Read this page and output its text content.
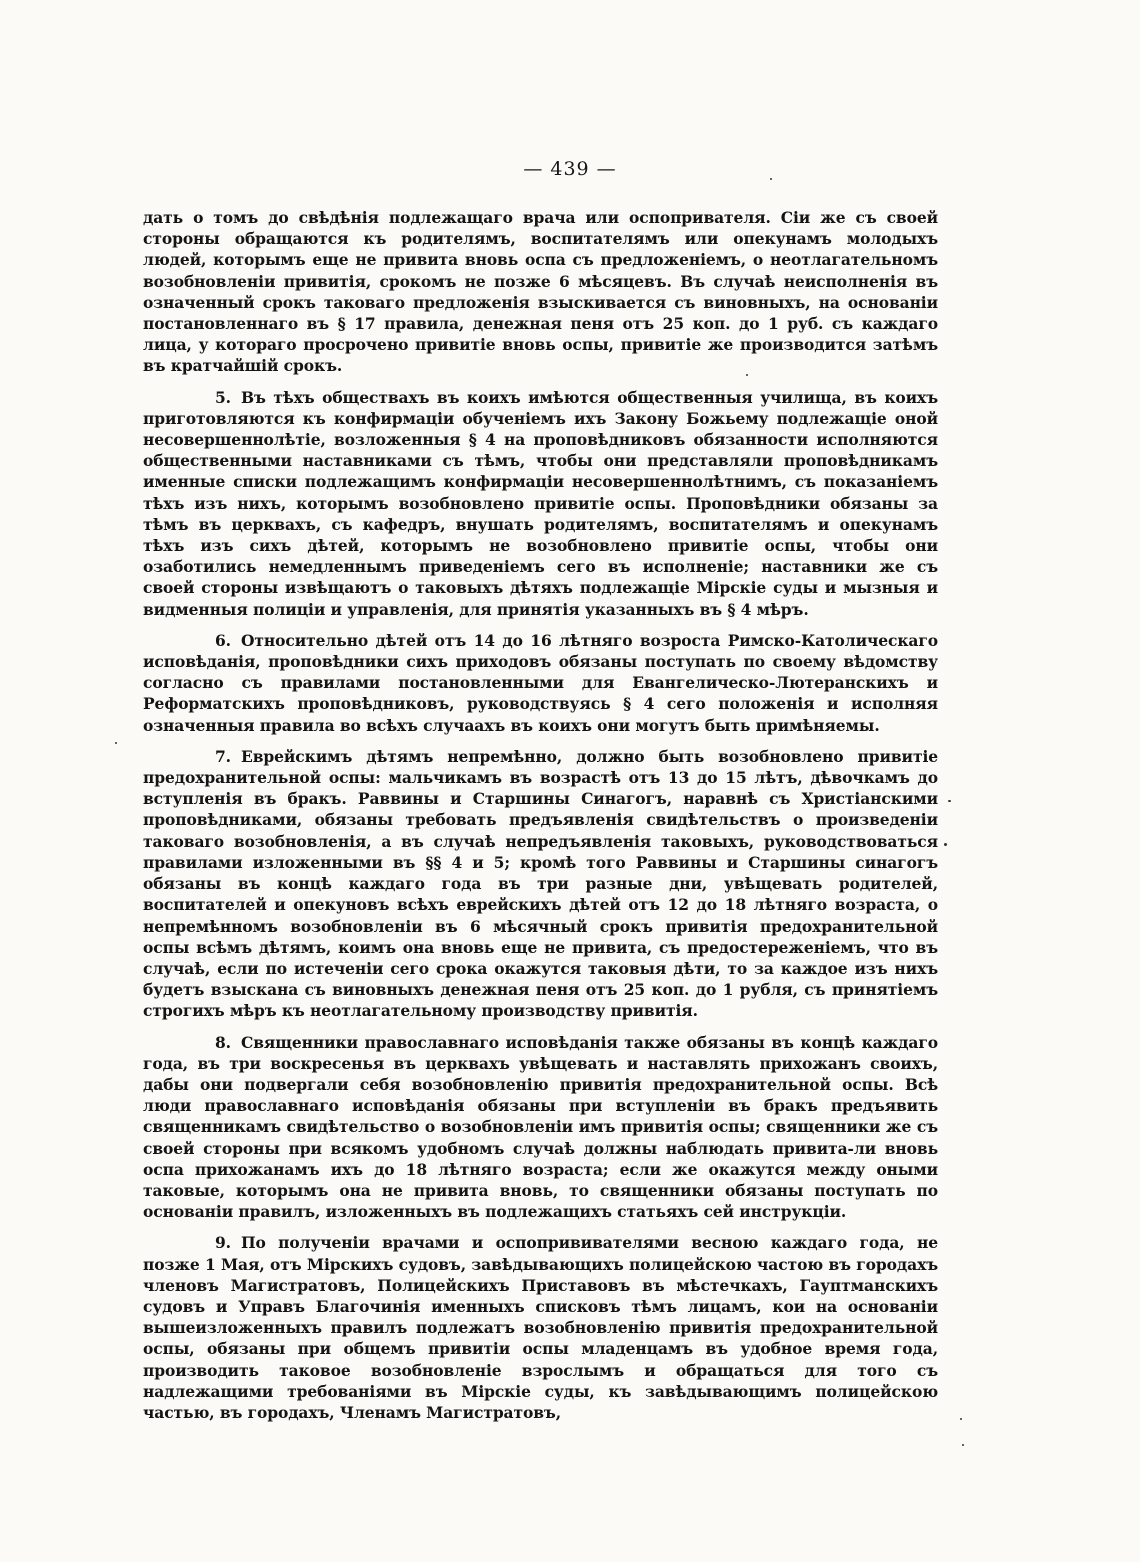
— 439 —

дать о томъ до свѣдѣнія подлежащаго врача или оспопривателя. Сіи же съ своей стороны обращаются къ родителямъ, воспитателямъ или опекунамъ молодыхъ людей, которымъ еще не привита вновь оспа съ предложеніемъ, о неотлагательномъ возобновленіи привитія, срокомъ не позже 6 мѣсяцевъ. Въ случаѣ неисполненія въ означенный срокъ таковаго предложенія взыскивается съ виновныхъ, на основаніи постановленнаго въ § 17 правила, денежная пеня отъ 25 коп. до 1 руб. съ каждаго лица, у котораго просрочено привитіе вновь оспы, привитіе же производится затѣмъ въ кратчайшій срокъ.

5. Въ тѣхъ обществахъ въ коихъ имѣются общественныя училища, въ коихъ приготовляются къ конфирмаціи обученіемъ ихъ Закону Божьему подлежащіе оной несовершеннолѣтіе, возложенныя § 4 на проповѣдниковъ обязанности исполняются общественными наставниками съ тѣмъ, чтобы они представляли проповѣдникамъ именные списки подлежащимъ конфирмаціи несовершеннолѣтнимъ, съ показаніемъ тѣхъ изъ нихъ, которымъ возобновлено привитіе оспы. Проповѣдники обязаны за тѣмъ въ церквахъ, съ кафедръ, внушать родителямъ, воспитателямъ и опекунамъ тѣхъ изъ сихъ дѣтей, которымъ не возобновлено привитіе оспы, чтобы они озаботились немедленнымъ приведеніемъ сего въ исполненіе; наставники же съ своей стороны извѣщаютъ о таковыхъ дѣтяхъ подлежащіе Мірскіе суды и мызныя и видменныя полиціи и управленія, для принятія указанныхъ въ § 4 мѣръ.

6. Относительно дѣтей отъ 14 до 16 лѣтняго возроста Римско-Католическаго исповѣданія, проповѣдники сихъ приходовъ обязаны поступать по своему вѣдомству согласно съ правилами постановленными для Евангелическо-Лютеранскихъ и Реформатскихъ проповѣдниковъ, руководствуясь § 4 сего положенія и исполняя означенныя правила во всѣхъ случаахъ въ коихъ они могутъ быть примѣняемы.

7. Еврейскимъ дѣтямъ непремѣнно, должно быть возобновлено привитіе предохранительной оспы: мальчикамъ въ возрастѣ отъ 13 до 15 лѣтъ, дѣвочкамъ до вступленія въ бракъ. Раввины и Старшины Синагогъ, наравнѣ съ Христіанскими проповѣдниками, обязаны требовать предъявленія свидѣтельствъ о произведеніи таковаго возобновленія, а въ случаѣ непредъявленія таковыхъ, руководствоваться правилами изложенными въ §§ 4 и 5; кромѣ того Раввины и Старшины синагогъ обязаны въ концѣ каждаго года въ три разные дни, увѣщевать родителей, воспитателей и опекуновъ всѣхъ еврейскихъ дѣтей отъ 12 до 18 лѣтняго возраста, о непремѣнномъ возобновленіи въ 6 мѣсячный срокъ привитія предохранительной оспы всѣмъ дѣтямъ, коимъ она вновь еще не привита, съ предостереженіемъ, что въ случаѣ, если по истеченіи сего срока окажутся таковыя дѣти, то за каждое изъ нихъ будетъ взыскана съ виновныхъ денежная пеня отъ 25 коп. до 1 рубля, съ принятіемъ строгихъ мѣръ къ неотлагательному производству привитія.

8. Священники православнаго исповѣданія также обязаны въ концѣ каждаго года, въ три воскресенья въ церквахъ увѣщевать и наставлять прихожанъ своихъ, дабы они подвергали себя возобновленію привитія предохранительной оспы. Всѣ люди православнаго исповѣданія обязаны при вступленіи въ бракъ предъявить священникамъ свидѣтельство о возобновленіи имъ привитія оспы; священники же съ своей стороны при всякомъ удобномъ случаѣ должны наблюдать привита-ли вновь оспа прихожанамъ ихъ до 18 лѣтняго возраста; если же окажутся между оными таковые, которымъ она не привита вновь, то священники обязаны поступать по основаніи правилъ, изложенныхъ въ подлежащихъ статьяхъ сей инструкціи.

9. По полученіи врачами и оспопрививателями весною каждаго года, не позже 1 Мая, отъ Мірскихъ судовъ, завѣдывающихъ полицейскою частою въ городахъ членовъ Магистратовъ, Полицейскихъ Приставовъ въ мѣстечкахъ, Гауптманскихъ судовъ и Управъ Благочинія именныхъ списковъ тѣмъ лицамъ, кои на основаніи вышеизложенныхъ правилъ подлежатъ возобновленію привитія предохранительной оспы, обязаны при общемъ привитіи оспы младенцамъ въ удобное время года, производить таковое возобновленіе взрослымъ и обращаться для того съ надлежащими требованіями въ Мірскіе суды, къ завѣдывающимъ полицейскою частью, въ городахъ, Членамъ Магистратовъ,
